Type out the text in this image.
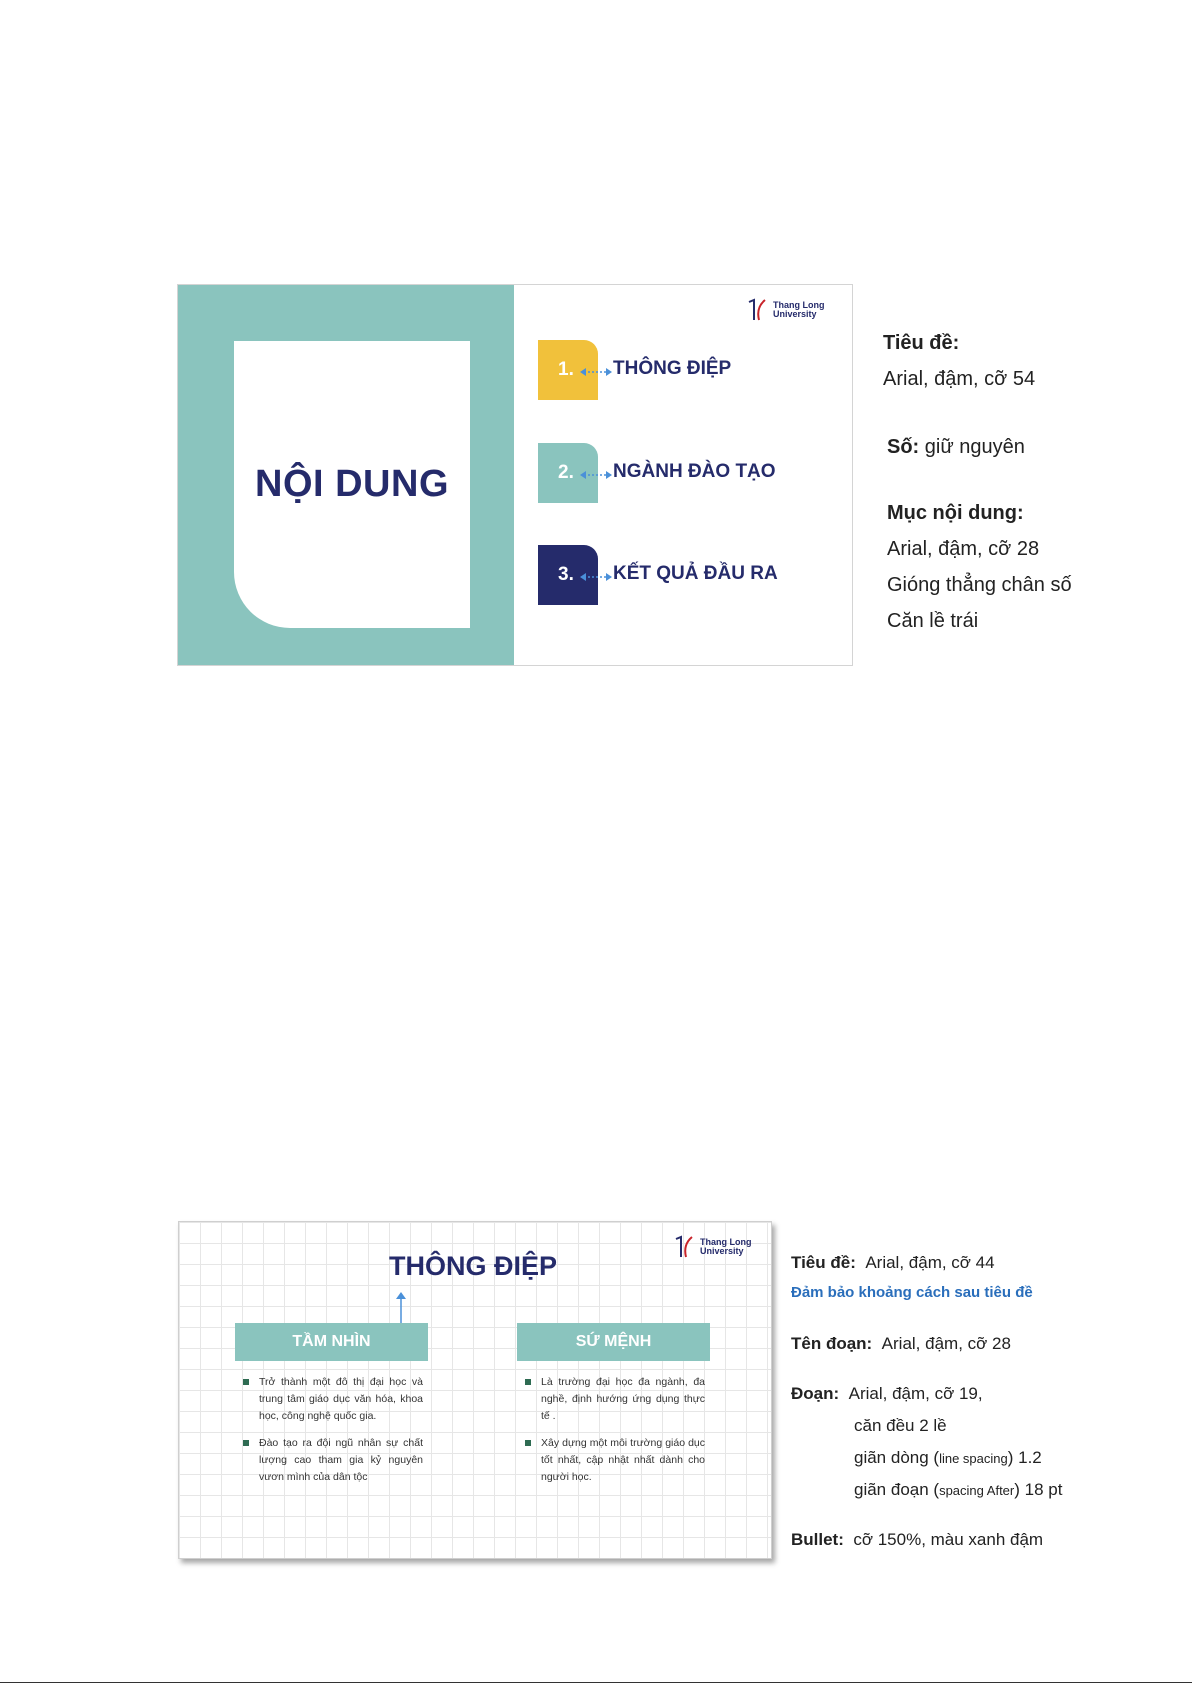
NỘI DUNG
Thang Long
University
1. THÔNG ĐIỆP
2. NGÀNH ĐÀO TẠO
3. KẾT QUẢ ĐẦU RA
Tiêu đề:
Arial, đậm, cỡ 54
Số: giữ nguyên
Mục nội dung:
Arial, đậm, cỡ 28
Gióng thẳng chân số
Căn lề trái
Thang Long
University
THÔNG ĐIỆP
TẦM NHÌN	SỨ MỆNH
Trở thành một đô thị đại học và trung tâm giáo dục văn hóa, khoa học, công nghệ quốc gia.
Đào tạo ra đội ngũ nhân sự chất lượng cao tham gia kỷ nguyên vươn mình của dân tộc
Là trường đại học đa ngành, đa nghề, định hướng ứng dụng thực tế .
Xây dựng một môi trường giáo dục tốt nhất, cập nhật nhất dành cho người học.
Tiêu đề: Arial, đậm, cỡ 44
Đảm bảo khoảng cách sau tiêu đề
Tên đoạn: Arial, đậm, cỡ 28
Đoạn: Arial, đậm, cỡ 19,
căn đều 2 lề
giãn dòng (line spacing) 1.2
giãn đoạn (spacing After) 18 pt
Bullet: cỡ 150%, màu xanh đậm
